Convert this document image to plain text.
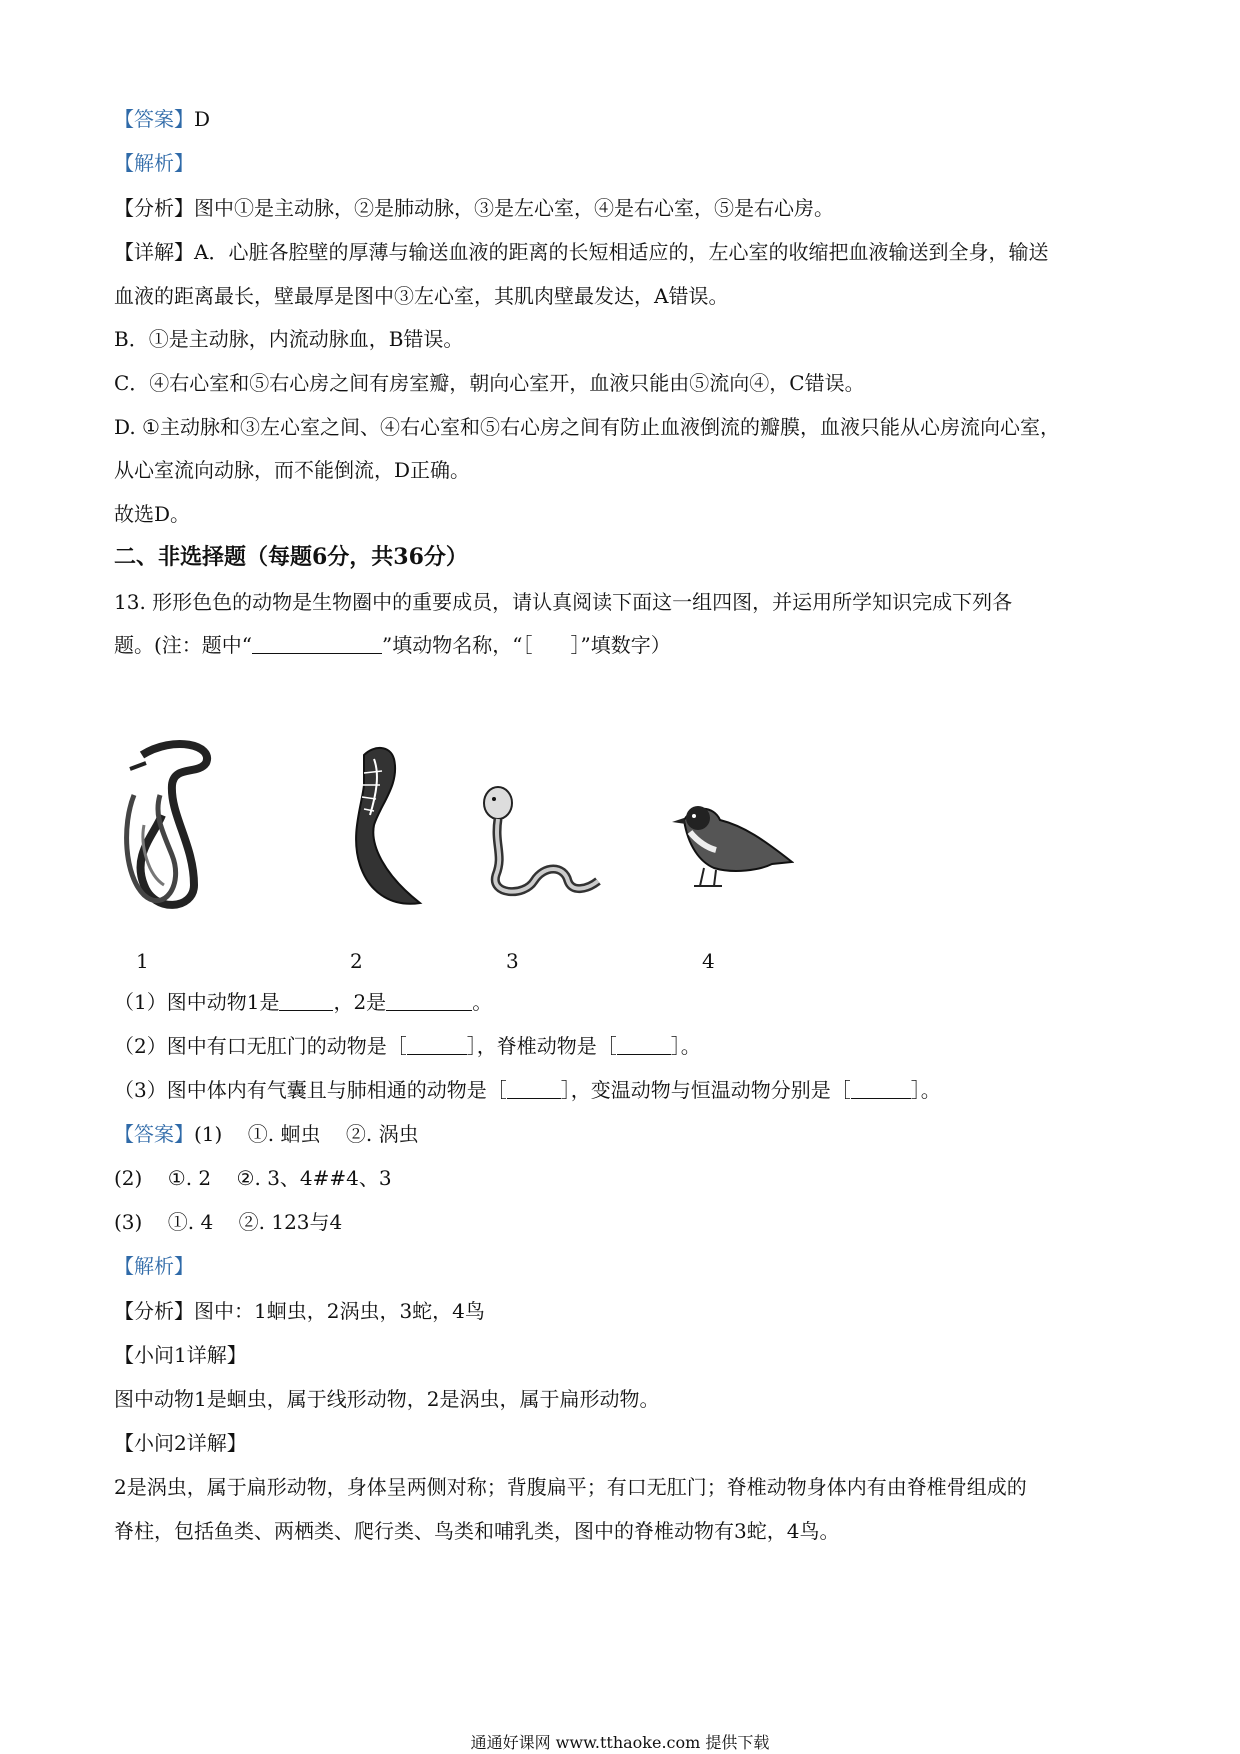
【答案】D
【解析】
【分析】图中①是主动脉，②是肺动脉，③是左心室，④是右心室，⑤是右心房。
【详解】A．心脏各腔壁的厚薄与输送血液的距离的长短相适应的，左心室的收缩把血液输送到全身，输送
血液的距离最长，壁最厚是图中③左心室，其肌肉壁最发达，A错误。
B．①是主动脉，内流动脉血，B错误。
C．④右心室和⑤右心房之间有房室瓣，朝向心室开，血液只能由⑤流向④，C错误。
D. ①主动脉和③左心室之间、④右心室和⑤右心房之间有防止血液倒流的瓣膜，血液只能从心房流向心室，
从心室流向动脉，而不能倒流，D正确。
故选D。
二、非选择题（每题6分，共36分）
13. 形形色色的动物是生物圈中的重要成员，请认真阅读下面这一组四图，并运用所学知识完成下列各
题。(注：题中“	”填动物名称，“［ ］”填数字）
1	2	3	4
（1）图中动物1是	，2是	。
（2）图中有口无肛门的动物是［	］，脊椎动物是［	］。
（3）图中体内有气囊且与肺相通的动物是［	］，变温动物与恒温动物分别是［	］。
【答案】(1)    ①. 蛔虫    ②. 涡虫
(2)    ①. 2    ②. 3、4##4、3
(3)    ①. 4    ②. 123与4
【解析】
【分析】图中：1蛔虫，2涡虫，3蛇，4鸟
【小问1详解】
图中动物1是蛔虫，属于线形动物，2是涡虫，属于扁形动物。
【小问2详解】
2是涡虫，属于扁形动物，身体呈两侧对称；背腹扁平；有口无肛门；脊椎动物身体内有由脊椎骨组成的
脊柱，包括鱼类、两栖类、爬行类、鸟类和哺乳类，图中的脊椎动物有3蛇，4鸟。
通通好课网 www.tthaoke.com 提供下载
